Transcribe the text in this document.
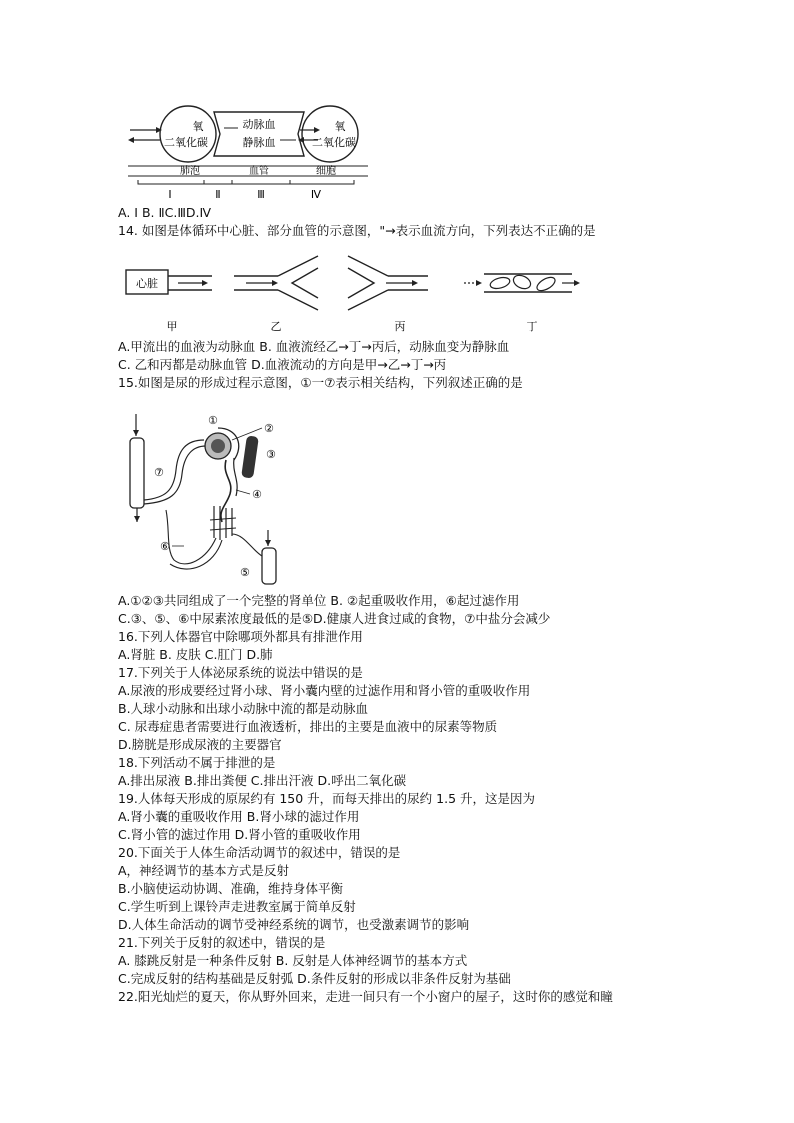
氧
二氧化碳
动脉血
静脉血
氧
二氧化碳
肺泡	血管	细胞
Ⅰ	Ⅱ	Ⅲ	Ⅳ
A. Ⅰ B. ⅡC.ⅢD.Ⅳ
14. 如图是体循环中心脏、部分血管的示意图，"→表示血流方向，下列表达不正确的是
心脏
甲	乙	丙	丁
A.甲流出的血液为动脉血 B. 血液流经乙→丁→丙后，动脉血变为静脉血
C. 乙和丙都是动脉血管 D.血液流动的方向是甲→乙→丁→丙
15.如图是尿的形成过程示意图，①一⑦表示相关结构，下列叙述正确的是
⑦
①
②
③
④
⑥
⑤
A.①②③共同组成了一个完整的肾单位 B. ②起重吸收作用，⑥起过滤作用
C.③、⑤、⑥中尿素浓度最低的是⑤D.健康人进食过咸的食物，⑦中盐分会减少
16.下列人体器官中除哪项外都具有排泄作用
A.肾脏 B. 皮肤 C.肛门 D.肺
17.下列关于人体泌尿系统的说法中错误的是
A.尿液的形成要经过肾小球、肾小囊内壁的过滤作用和肾小管的重吸收作用
B.人球小动脉和出球小动脉中流的都是动脉血
C. 尿毒症患者需要进行血液透析，排出的主要是血液中的尿素等物质
D.膀胱是形成尿液的主要器官
18.下列活动不属于排泄的是
A.排出尿液 B.排出粪便 C.排出汗液 D.呼出二氧化碳
19.人体每天形成的原尿约有 150 升，而每天排出的尿约 1.5 升，这是因为
A.肾小囊的重吸收作用 B.肾小球的滤过作用
C.肾小管的滤过作用 D.肾小管的重吸收作用
20.下面关于人体生命活动调节的叙述中，错误的是
A，神经调节的基本方式是反射
B.小脑使运动协调、准确，维持身体平衡
C.学生听到上课铃声走进教室属于简单反射
D.人体生命活动的调节受神经系统的调节，也受激素调节的影响
21.下列关于反射的叙述中，错误的是
A. 膝跳反射是一种条件反射 B. 反射是人体神经调节的基本方式
C.完成反射的结构基础是反射弧 D.条件反射的形成以非条件反射为基础
22.阳光灿烂的夏天，你从野外回来，走进一间只有一个小窗户的屋子，这时你的感觉和瞳
